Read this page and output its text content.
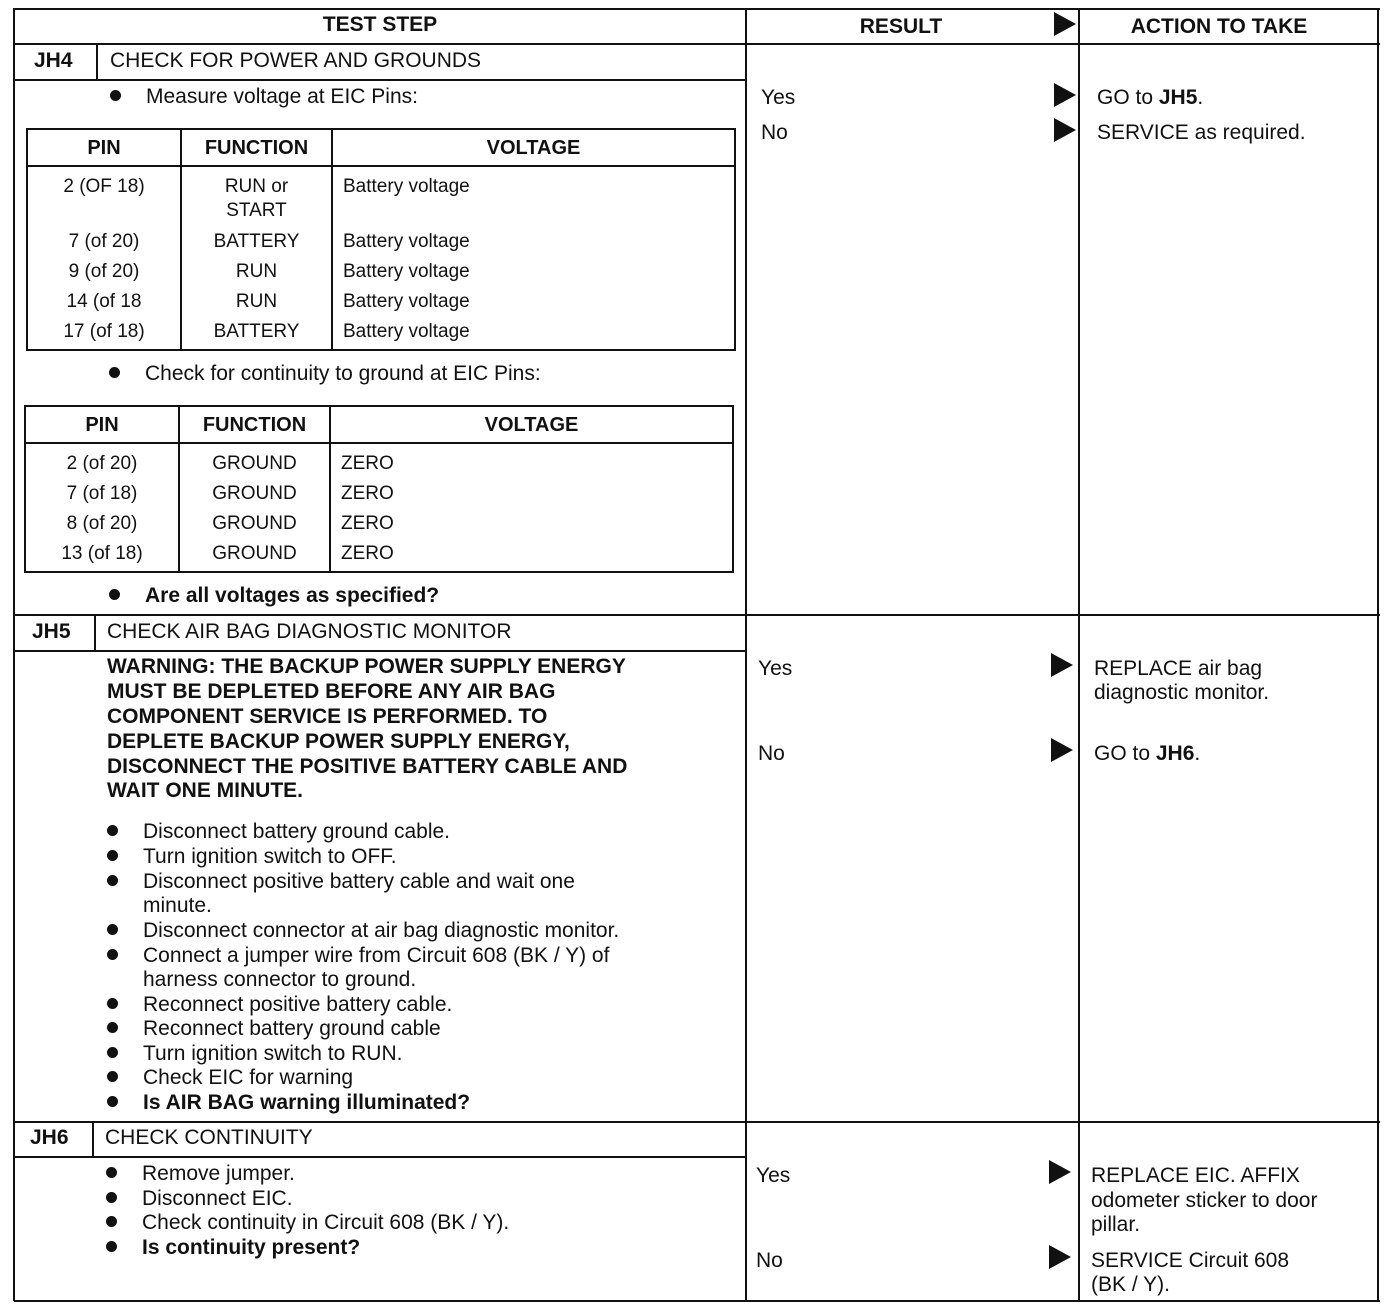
TEST STEP	RESULT	ACTION TO TAKE
JH4 CHECK FOR POWER AND GROUNDS
Measure voltage at EIC Pins:
PIN	FUNCTION	VOLTAGE
2 (OF 18)	RUN or	Battery voltage
START
7 (of 20)	BATTERY	Battery voltage
9 (of 20)	RUN	Battery voltage
14 (of 18	RUN	Battery voltage
17 (of 18)	BATTERY	Battery voltage
Check for continuity to ground at EIC Pins:
PIN	FUNCTION	VOLTAGE
2 (of 20)	GROUND	ZERO
7 (of 18)	GROUND	ZERO
8 (of 20)	GROUND	ZERO
13 (of 18)	GROUND	ZERO
Are all voltages as specified?
Yes	GO to JH5.
No	SERVICE as required.
JH5 CHECK AIR BAG DIAGNOSTIC MONITOR
WARNING: THE BACKUP POWER SUPPLY ENERGY
MUST BE DEPLETED BEFORE ANY AIR BAG
COMPONENT SERVICE IS PERFORMED. TO
DEPLETE BACKUP POWER SUPPLY ENERGY,
DISCONNECT THE POSITIVE BATTERY CABLE AND
WAIT ONE MINUTE.
Disconnect battery ground cable.
Turn ignition switch to OFF.
Disconnect positive battery cable and wait one
minute.
Disconnect connector at air bag diagnostic monitor.
Connect a jumper wire from Circuit 608 (BK / Y) of
harness connector to ground.
Reconnect positive battery cable.
Reconnect battery ground cable
Turn ignition switch to RUN.
Check EIC for warning
Is AIR BAG warning illuminated?
Yes	REPLACE air bag
diagnostic monitor.
No	GO to JH6.
JH6 CHECK CONTINUITY
Remove jumper.
Disconnect EIC.
Check continuity in Circuit 608 (BK / Y).
Is continuity present?
Yes	REPLACE EIC. AFFIX
odometer sticker to door
pillar.
No	SERVICE Circuit 608
(BK / Y).
